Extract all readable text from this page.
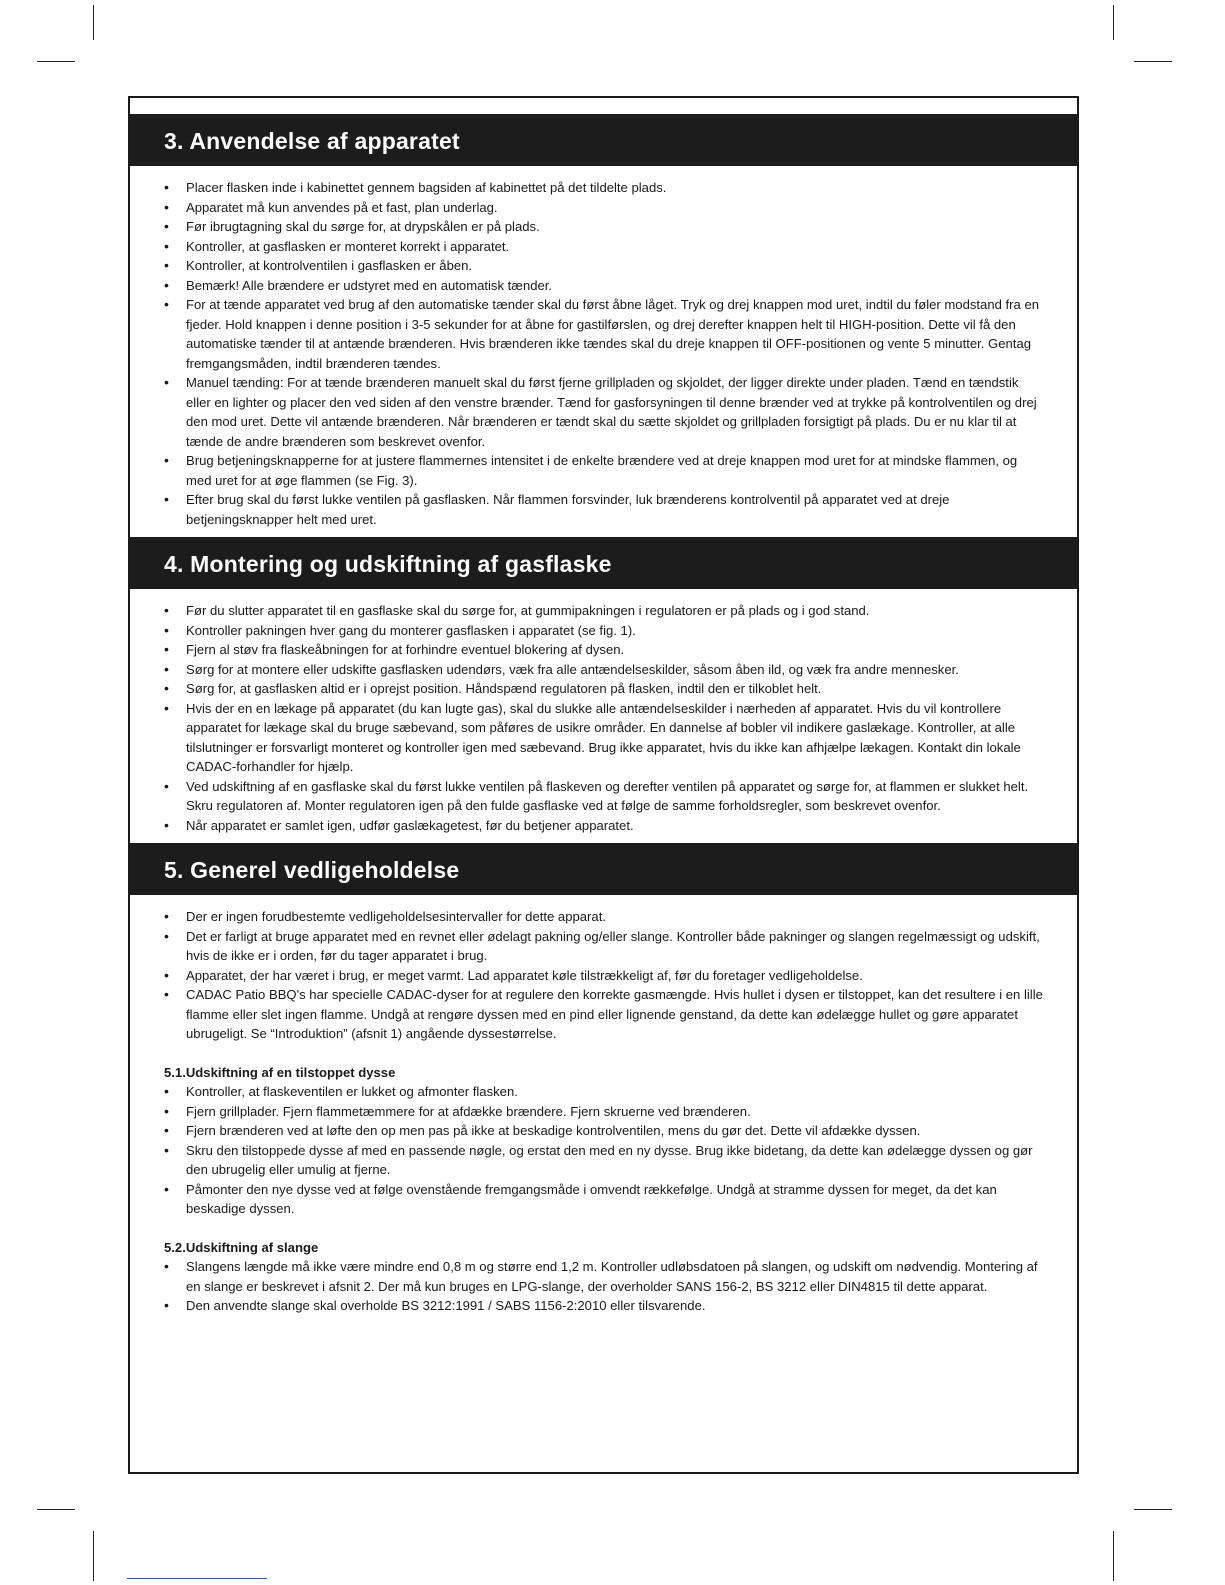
3. Anvendelse af apparatet
• Placer flasken inde i kabinettet gennem bagsiden af kabinettet på det tildelte plads.
• Apparatet må kun anvendes på et fast, plan underlag.
• Før ibrugtagning skal du sørge for, at drypskålen er på plads.
• Kontroller, at gasflasken er monteret korrekt i apparatet.
• Kontroller, at kontrolventilen i gasflasken er åben.
• Bemærk! Alle brændere er udstyret med en automatisk tænder.
• For at tænde apparatet ved brug af den automatiske tænder skal du først åbne låget. Tryk og drej knappen mod uret, indtil du føler modstand fra en fjeder. Hold knappen i denne position i 3-5 sekunder for at åbne for gastilførslen, og drej derefter knappen helt til HIGH-position. Dette vil få den automatiske tænder til at antænde brænderen. Hvis brænderen ikke tændes skal du dreje knappen til OFF-positionen og vente 5 minutter. Gentag fremgangsmåden, indtil brænderen tændes.
• Manuel tænding: For at tænde brænderen manuelt skal du først fjerne grillpladen og skjoldet, der ligger direkte under pladen. Tænd en tændstik eller en lighter og placer den ved siden af den venstre brænder. Tænd for gasforsyningen til denne brænder ved at trykke på kontrolventilen og drej den mod uret. Dette vil antænde brænderen. Når brænderen er tændt skal du sætte skjoldet og grillpladen forsigtigt på plads. Du er nu klar til at tænde de andre brænderen som beskrevet ovenfor.
• Brug betjeningsknapperne for at justere flammernes intensitet i de enkelte brændere ved at dreje knappen mod uret for at mindske flammen, og med uret for at øge flammen (se Fig. 3).
• Efter brug skal du først lukke ventilen på gasflasken. Når flammen forsvinder, luk brænderens kontrolventil på apparatet ved at dreje betjeningsknapper helt med uret.
4. Montering og udskiftning af gasflaske
• Før du slutter apparatet til en gasflaske skal du sørge for, at gummipakningen i regulatoren er på plads og i god stand.
• Kontroller pakningen hver gang du monterer gasflasken i apparatet (se fig. 1).
• Fjern al støv fra flaskeåbningen for at forhindre eventuel blokering af dysen.
• Sørg for at montere eller udskifte gasflasken udendørs, væk fra alle antændelseskilder, såsom åben ild, og væk fra andre mennesker.
• Sørg for, at gasflasken altid er i oprejst position. Håndspænd regulatoren på flasken, indtil den er tilkoblet helt.
• Hvis der en en lækage på apparatet (du kan lugte gas), skal du slukke alle antændelseskilder i nærheden af apparatet. Hvis du vil kontrollere apparatet for lækage skal du bruge sæbevand, som påføres de usikre områder. En dannelse af bobler vil indikere gaslækage. Kontroller, at alle tilslutninger er forsvarligt monteret og kontroller igen med sæbevand. Brug ikke apparatet, hvis du ikke kan afhjælpe lækagen. Kontakt din lokale CADAC-forhandler for hjælp.
• Ved udskiftning af en gasflaske skal du først lukke ventilen på flaskeven og derefter ventilen på apparatet og sørge for, at flammen er slukket helt. Skru regulatoren af. Monter regulatoren igen på den fulde gasflaske ved at følge de samme forholdsregler, som beskrevet ovenfor.
• Når apparatet er samlet igen, udfør gaslækagetest, før du betjener apparatet.
5. Generel vedligeholdelse
• Der er ingen forudbestemte vedligeholdelsesintervaller for dette apparat.
• Det er farligt at bruge apparatet med en revnet eller ødelagt pakning og/eller slange. Kontroller både pakninger og slangen regelmæssigt og udskift, hvis de ikke er i orden, før du tager apparatet i brug.
• Apparatet, der har været i brug, er meget varmt. Lad apparatet køle tilstrækkeligt af, før du foretager vedligeholdelse.
• CADAC Patio BBQ's har specielle CADAC-dyser for at regulere den korrekte gasmængde. Hvis hullet i dysen er tilstoppet, kan det resultere i en lille flamme eller slet ingen flamme. Undgå at rengøre dyssen med en pind eller lignende genstand, da dette kan ødelægge hullet og gøre apparatet ubrugeligt. Se “Introduktion” (afsnit 1) angående dyssestørrelse.
5.1.Udskiftning af en tilstoppet dysse
• Kontroller, at flaskeventilen er lukket og afmonter flasken.
• Fjern grillplader. Fjern flammetæmmere for at afdække brændere. Fjern skruerne ved brænderen.
• Fjern brænderen ved at løfte den op men pas på ikke at beskadige kontrolventilen, mens du gør det. Dette vil afdække dyssen.
• Skru den tilstoppede dysse af med en passende nøgle, og erstat den med en ny dysse. Brug ikke bidetang, da dette kan ødelægge dyssen og gør den ubrugelig eller umulig at fjerne.
• Påmonter den nye dysse ved at følge ovenstående fremgangsmåde i omvendt rækkefølge. Undgå at stramme dyssen for meget, da det kan beskadige dyssen.
5.2.Udskiftning af slange
• Slangens længde må ikke være mindre end 0,8 m og større end 1,2 m. Kontroller udløbsdatoen på slangen, og udskift om nødvendig. Montering af en slange er beskrevet i afsnit 2. Der må kun bruges en LPG-slange, der overholder SANS 156-2, BS 3212 eller DIN4815 til dette apparat.
• Den anvendte slange skal overholde BS 3212:1991 / SABS 1156-2:2010 eller tilsvarende.
